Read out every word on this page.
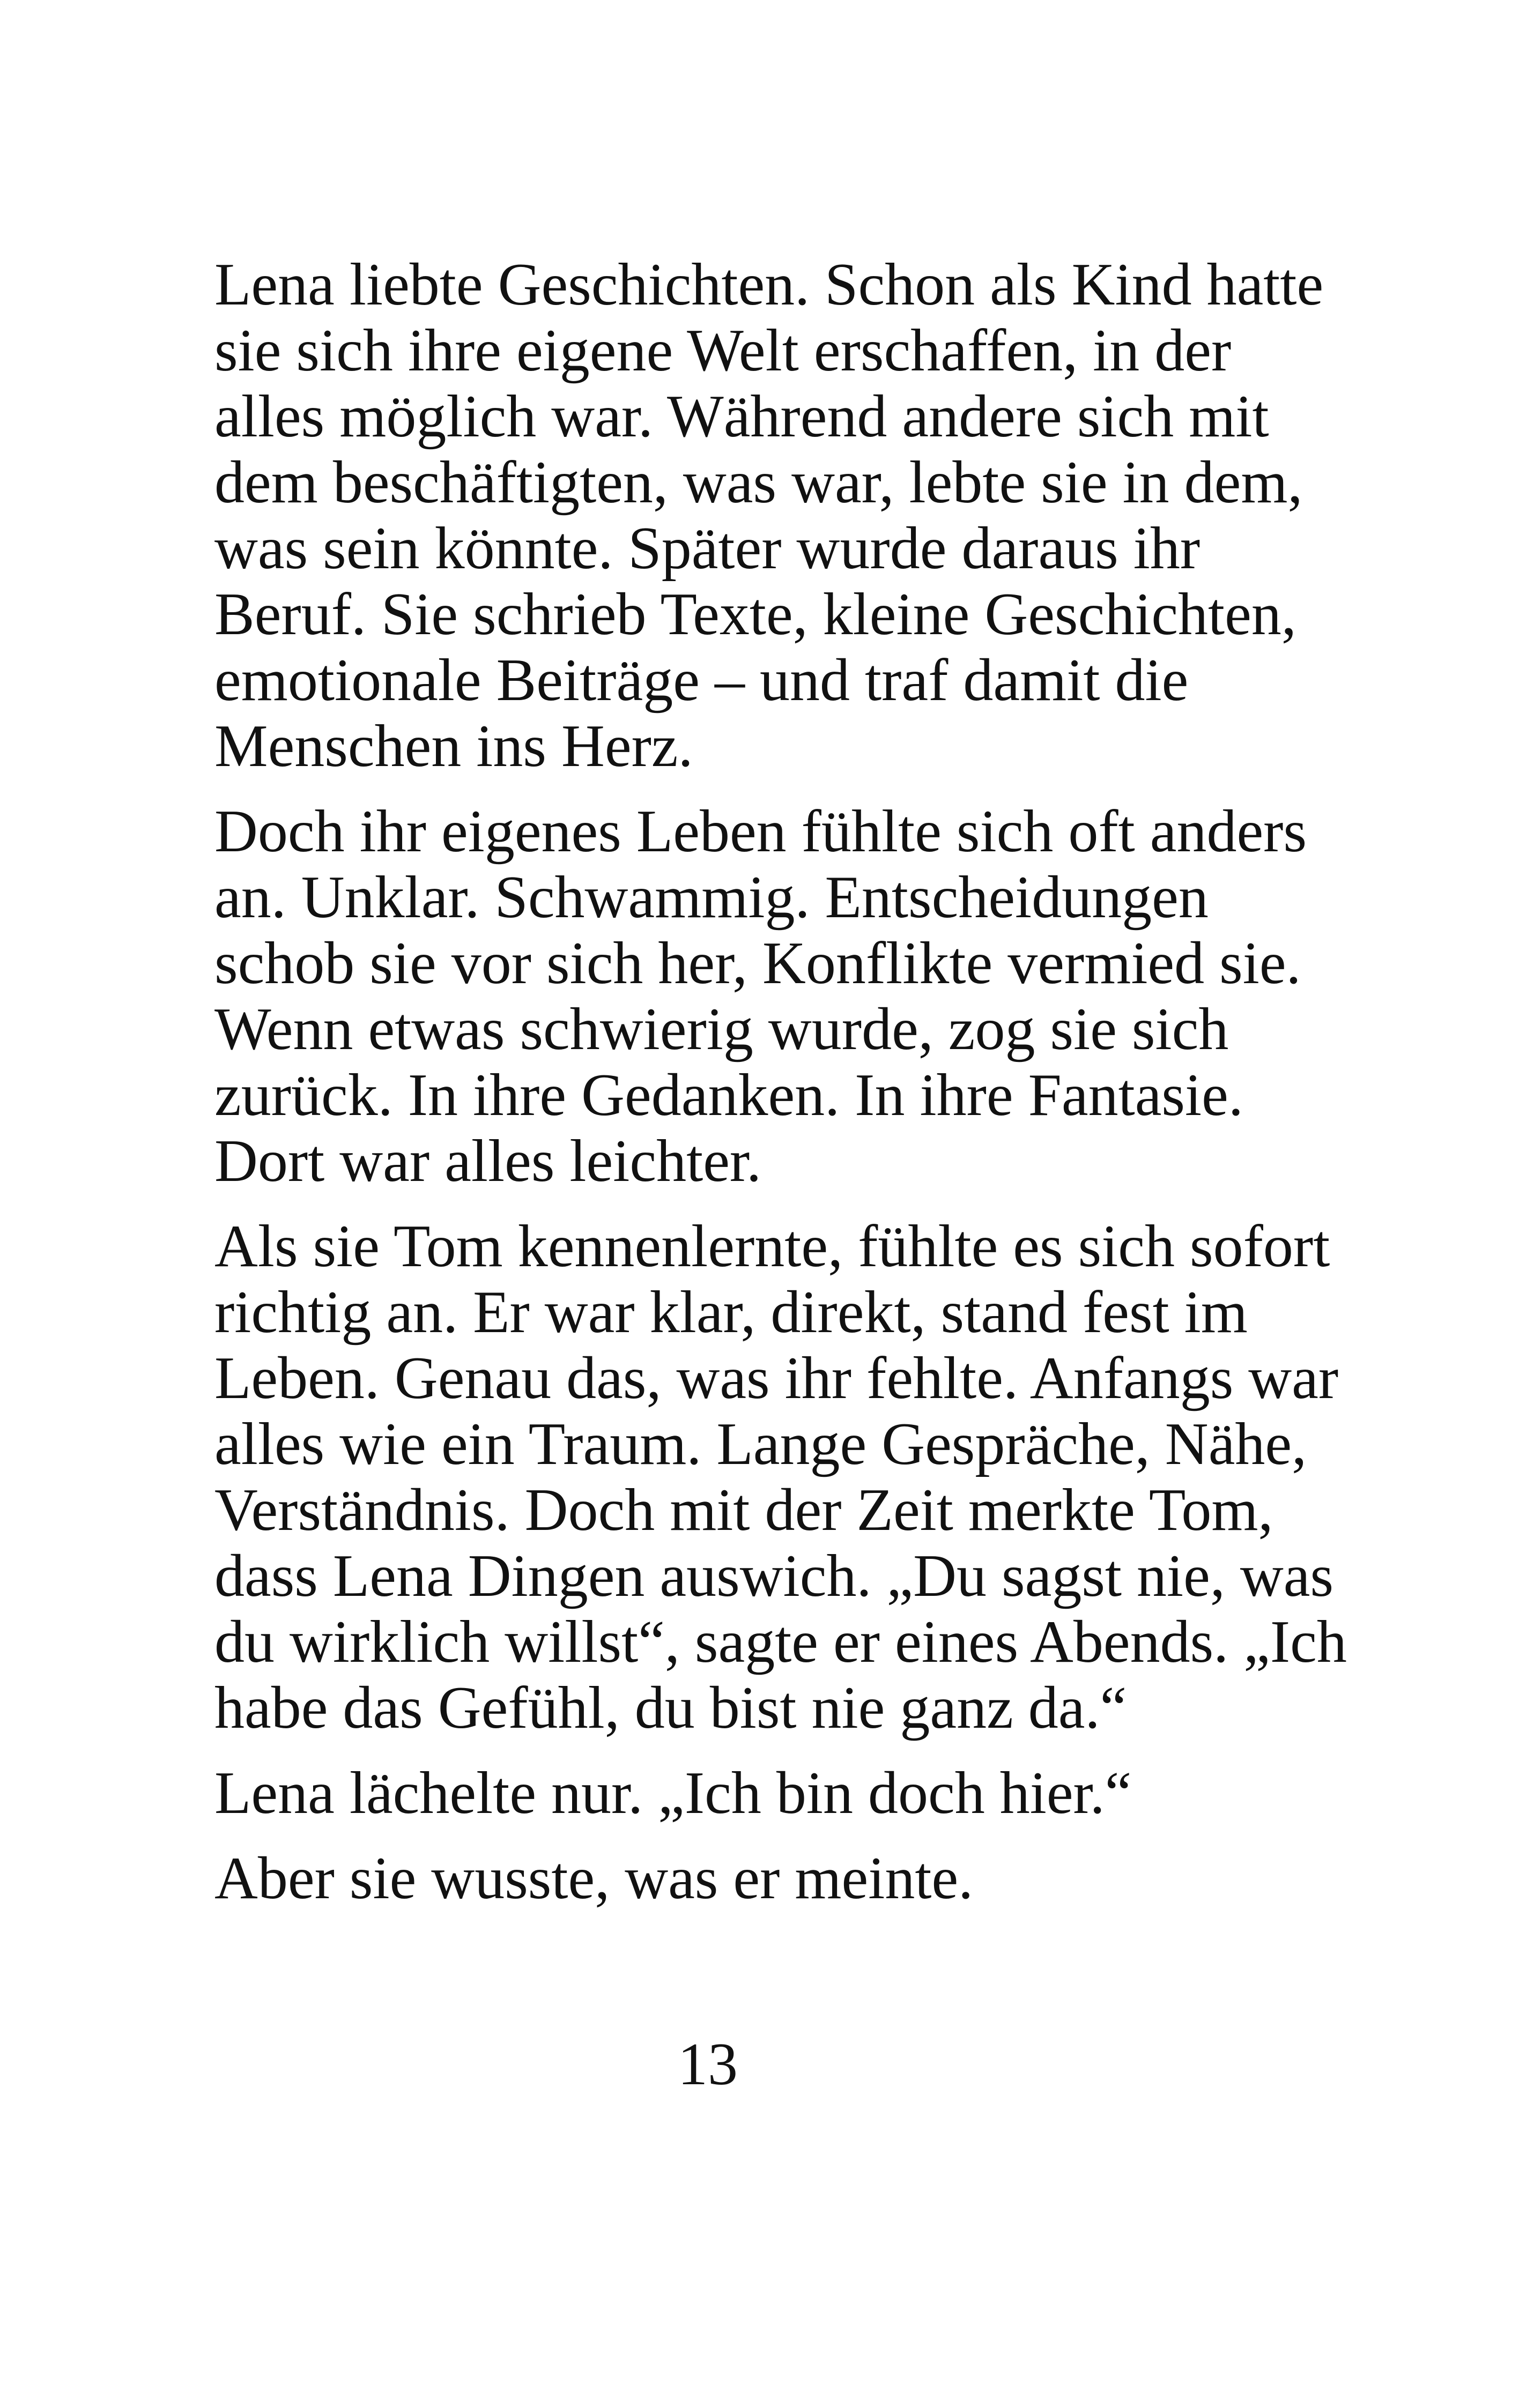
Lena liebte Geschichten. Schon als Kind hatte
sie sich ihre eigene Welt erschaffen, in der
alles möglich war. Während andere sich mit
dem beschäftigten, was war, lebte sie in dem,
was sein könnte. Später wurde daraus ihr
Beruf. Sie schrieb Texte, kleine Geschichten,
emotionale Beiträge – und traf damit die
Menschen ins Herz.

Doch ihr eigenes Leben fühlte sich oft anders
an. Unklar. Schwammig. Entscheidungen
schob sie vor sich her, Konflikte vermied sie.
Wenn etwas schwierig wurde, zog sie sich
zurück. In ihre Gedanken. In ihre Fantasie.
Dort war alles leichter.

Als sie Tom kennenlernte, fühlte es sich sofort
richtig an. Er war klar, direkt, stand fest im
Leben. Genau das, was ihr fehlte. Anfangs war
alles wie ein Traum. Lange Gespräche, Nähe,
Verständnis. Doch mit der Zeit merkte Tom,
dass Lena Dingen auswich. „Du sagst nie, was
du wirklich willst“, sagte er eines Abends. „Ich
habe das Gefühl, du bist nie ganz da.“

Lena lächelte nur. „Ich bin doch hier.“

Aber sie wusste, was er meinte.

13
